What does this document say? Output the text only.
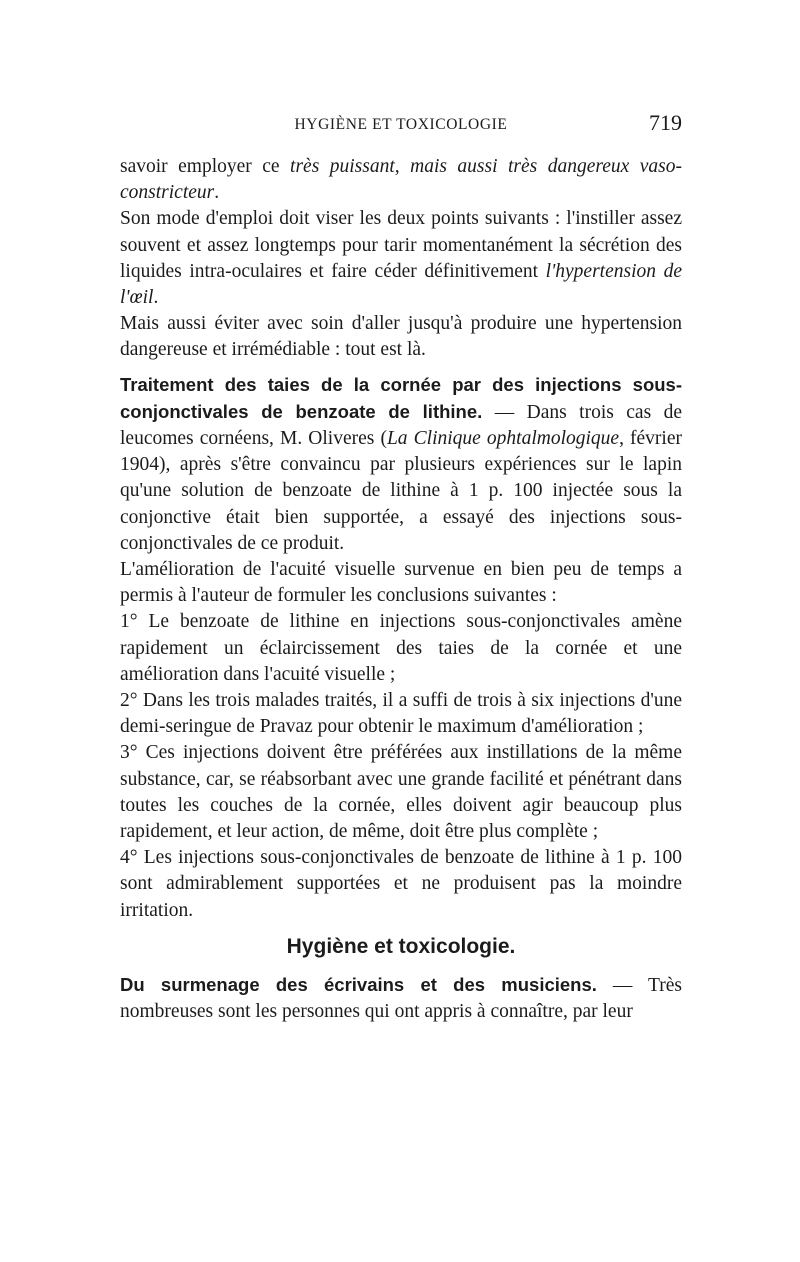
HYGIÈNE ET TOXICOLOGIE	719

savoir employer ce très puissant, mais aussi très dangereux vaso-constricteur.

Son mode d'emploi doit viser les deux points suivants : l'instiller assez souvent et assez longtemps pour tarir momentanément la sécrétion des liquides intra-oculaires et faire céder définitivement l'hypertension de l'œil.

Mais aussi éviter avec soin d'aller jusqu'à produire une hypertension dangereuse et irrémédiable : tout est là.

Traitement des taies de la cornée par des injections sous-conjonctivales de benzoate de lithine. — Dans trois cas de leucomes cornéens, M. Oliveres (La Clinique ophtalmologique, février 1904), après s'être convaincu par plusieurs expériences sur le lapin qu'une solution de benzoate de lithine à 1 p. 100 injectée sous la conjonctive était bien supportée, a essayé des injections sous-conjonctivales de ce produit.

L'amélioration de l'acuité visuelle survenue en bien peu de temps a permis à l'auteur de formuler les conclusions suivantes :

1° Le benzoate de lithine en injections sous-conjonctivales amène rapidement un éclaircissement des taies de la cornée et une amélioration dans l'acuité visuelle ;

2° Dans les trois malades traités, il a suffi de trois à six injections d'une demi-seringue de Pravaz pour obtenir le maximum d'amélioration ;

3° Ces injections doivent être préférées aux instillations de la même substance, car, se réabsorbant avec une grande facilité et pénétrant dans toutes les couches de la cornée, elles doivent agir beaucoup plus rapidement, et leur action, de même, doit être plus complète ;

4° Les injections sous-conjonctivales de benzoate de lithine à 1 p. 100 sont admirablement supportées et ne produisent pas la moindre irritation.

Hygiène et toxicologie.

Du surmenage des écrivains et des musiciens. — Très nombreuses sont les personnes qui ont appris à connaître, par leur
